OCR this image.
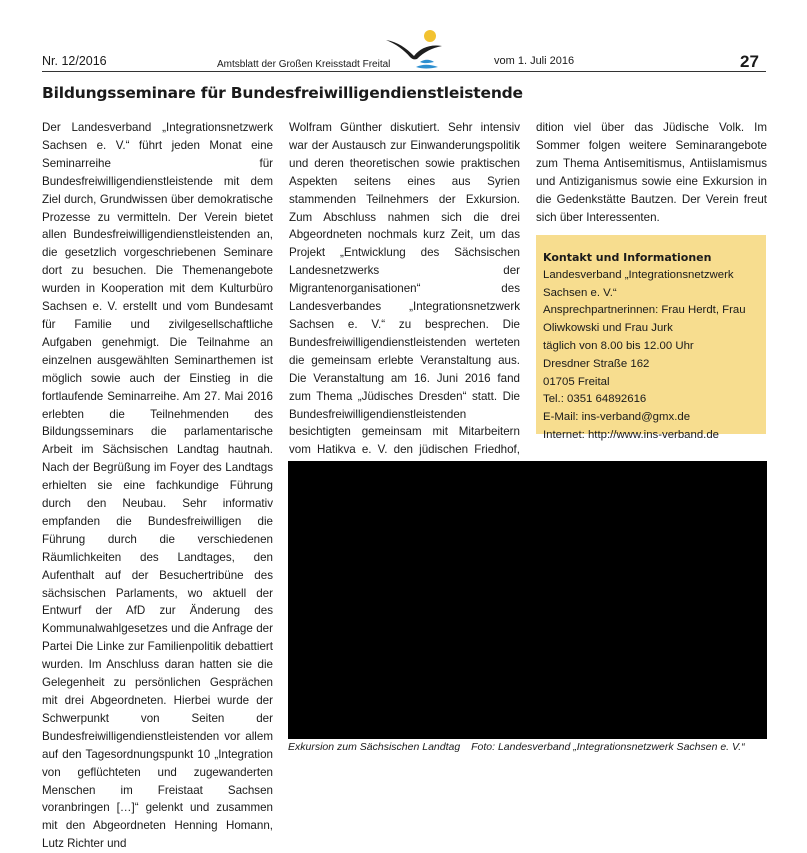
Nr. 12/2016	Amtsblatt der Großen Kreisstadt Freital	vom 1. Juli 2016	27
Bildungsseminare für Bundesfreiwilligendienstleistende

Der Landesverband „Integrationsnetzwerk Sachsen e. V.“ führt jeden Monat eine Seminarreihe für Bundesfreiwilligendienstleistende mit dem Ziel durch, Grundwissen über demokratische Prozesse zu vermitteln. Der Verein bietet allen Bundesfreiwilligendienstleistenden an, die gesetzlich vorgeschriebenen Seminare dort zu besuchen. Die Themenangebote wurden in Kooperation mit dem Kulturbüro Sachsen e. V. erstellt und vom Bundesamt für Familie und zivilgesellschaftliche Aufgaben genehmigt. Die Teilnahme an einzelnen ausgewählten Seminarthemen ist möglich sowie auch der Einstieg in die fortlaufende Seminarreihe. Am 27. Mai 2016 erlebten die Teilnehmenden des Bildungsseminars die parlamentarische Arbeit im Sächsischen Landtag hautnah. Nach der Begrüßung im Foyer des Landtags erhielten sie eine fachkundige Führung durch den Neubau. Sehr informativ empfanden die Bundesfreiwilligen die Führung durch die verschiedenen Räumlichkeiten des Landtages, den Aufenthalt auf der Besuchertribüne des sächsischen Parlaments, wo aktuell der Entwurf der AfD zur Änderung des Kommunalwahlgesetzes und die Anfrage der Partei Die Linke zur Familienpolitik debattiert wurden. Im Anschluss daran hatten sie die Gelegenheit zu persönlichen Gesprächen mit drei Abgeordneten. Hierbei wurde der Schwerpunkt von Seiten der Bundesfreiwilligendienstleistenden vor allem auf den Tagesordnungspunkt 10 „Integration von geflüchteten und zugewanderten Menschen im Freistaat Sachsen voranbringen […]“ gelenkt und zusammen mit den Abgeordneten Henning Homann, Lutz Richter und

Wolfram Günther diskutiert. Sehr intensiv war der Austausch zur Einwanderungspolitik und deren theoretischen sowie praktischen Aspekten seitens eines aus Syrien stammenden Teilnehmers der Exkursion. Zum Abschluss nahmen sich die drei Abgeordneten nochmals kurz Zeit, um das Projekt „Entwicklung des Sächsischen Landesnetzwerks der Migrantenorganisationen“ des Landesverbandes „Integrationsnetzwerk Sachsen e. V.“ zu besprechen. Die Bundesfreiwilligendienstleistenden werteten die gemeinsam erlebte Veranstaltung aus. Die Veranstaltung am 16. Juni 2016 fand zum Thema „Jüdisches Dresden“ statt. Die Bundesfreiwilligendienstleistenden besichtigten gemeinsam mit Mitarbeitern vom Hatikva e. V. den jüdischen Friedhof,

dition viel über das Jüdische Volk. Im Sommer folgen weitere Seminarangebote zum Thema Antisemitismus, Antiislamismus und Antiziganismus sowie eine Exkursion in die Gedenkstätte Bautzen. Der Verein freut sich über Interessenten.

Kontakt und Informationen
Landesverband „Integrationsnetzwerk
Sachsen e. V.“
Ansprechpartnerinnen: Frau Herdt, Frau
Oliwkowski und Frau Jurk
täglich von 8.00 bis 12.00 Uhr
Dresdner Straße 162
01705 Freital
Tel.: 0351 64892616
E-Mail: ins-verband@gmx.de
Internet: http://www.ins-verband.de
Exkursion zum Sächsischen Landtag Foto: Landesverband „Integrationsnetzwerk Sachsen e. V.“
